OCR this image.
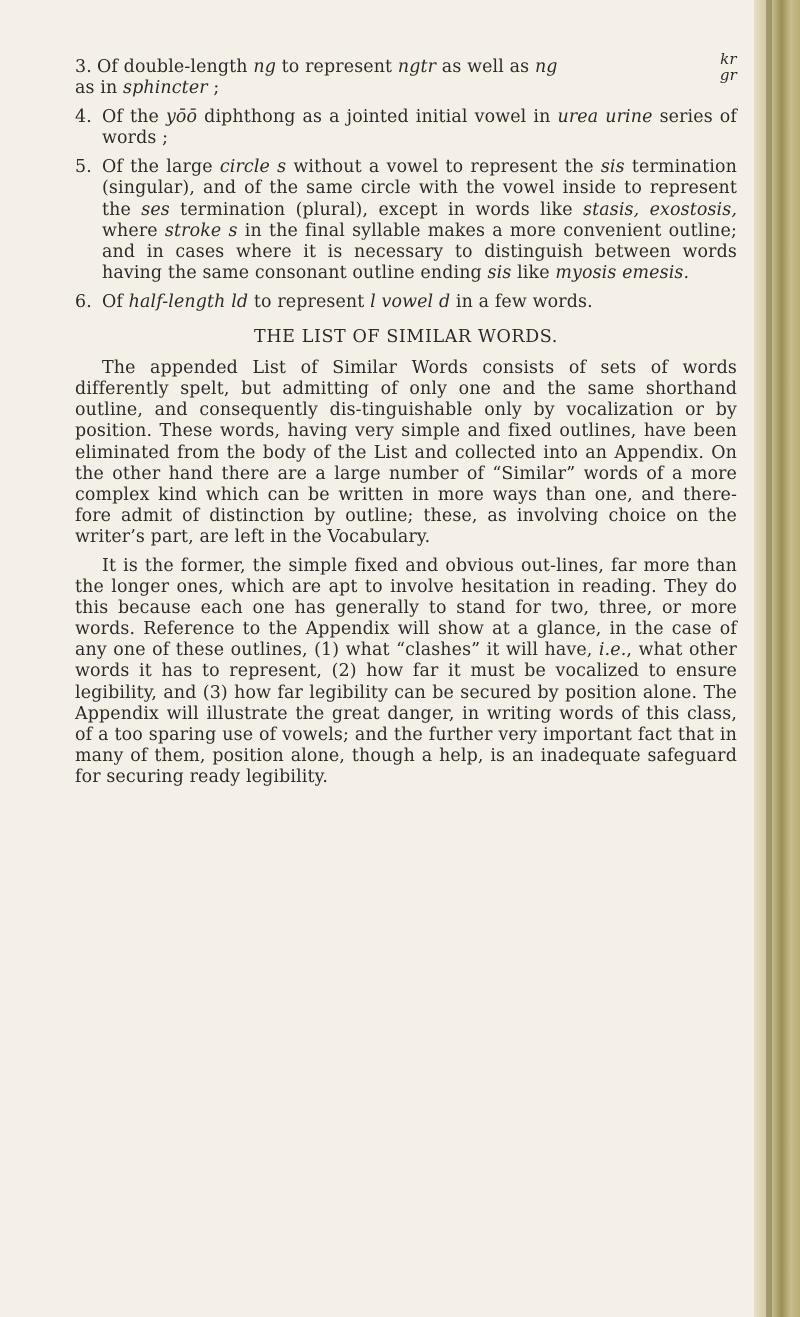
3. Of double-length ng to represent ngtr as well as ng
as in sphincter ;
kr
gr
4. Of the yōō diphthong as a jointed initial vowel in urea urine series of words ;
5. Of the large circle s without a vowel to represent the sis termination (singular), and of the same circle with the vowel inside to represent the ses termination (plural), except in words like stasis, exostosis, where stroke s in the final syllable makes a more convenient outline; and in cases where it is necessary to distinguish between words having the same consonant outline ending sis like myosis emesis.
6. Of half-length ld to represent l vowel d in a few words.
THE LIST OF SIMILAR WORDS.

The appended List of Similar Words consists of sets of words differently spelt, but admitting of only one and the same shorthand outline, and consequently dis-tinguishable only by vocalization or by position. These words, having very simple and fixed outlines, have been eliminated from the body of the List and collected into an Appendix. On the other hand there are a large number of “Similar” words of a more complex kind which can be written in more ways than one, and there-fore admit of distinction by outline; these, as involving choice on the writer’s part, are left in the Vocabulary.

It is the former, the simple fixed and obvious out-lines, far more than the longer ones, which are apt to involve hesitation in reading. They do this because each one has generally to stand for two, three, or more words. Reference to the Appendix will show at a glance, in the case of any one of these outlines, (1) what “clashes” it will have, i.e., what other words it has to represent, (2) how far it must be vocalized to ensure legibility, and (3) how far legibility can be secured by position alone. The Appendix will illustrate the great danger, in writing words of this class, of a too sparing use of vowels; and the further very important fact that in many of them, position alone, though a help, is an inadequate safeguard for securing ready legibility.
